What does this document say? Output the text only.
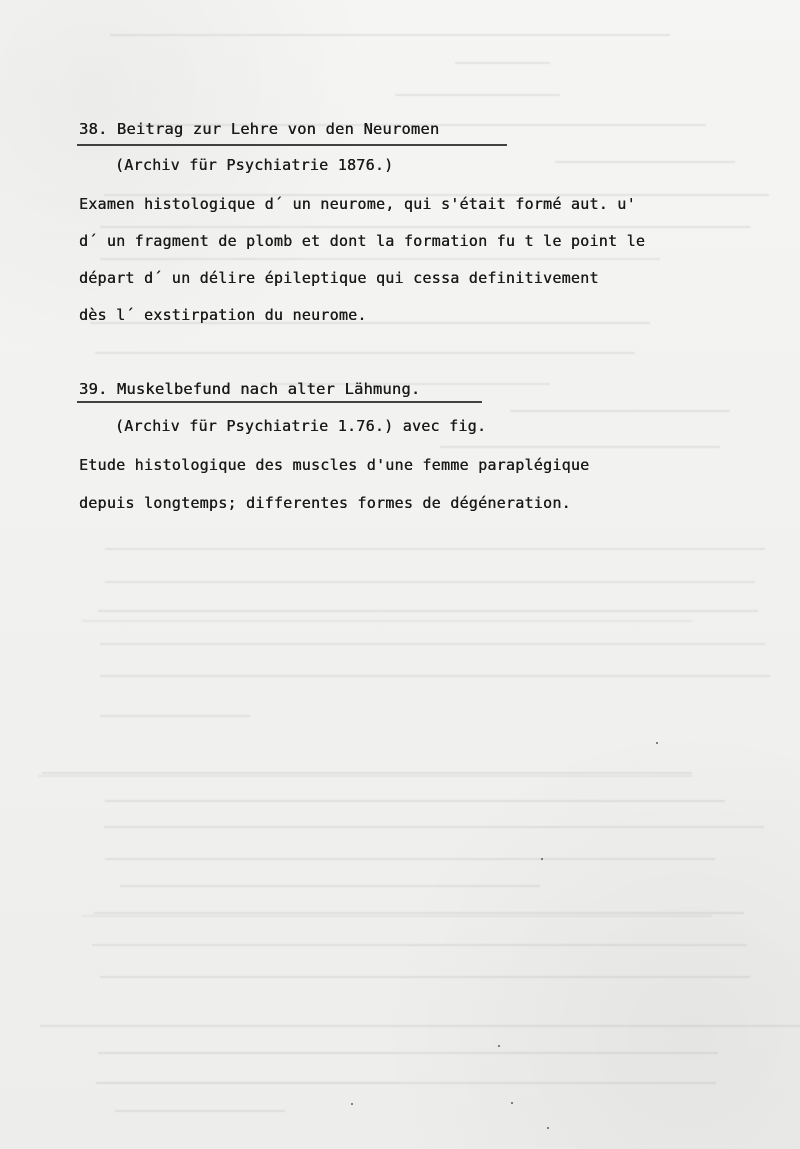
38. Beitrag zur Lehre von den Neuromen
(Archiv für Psychiatrie 1876.)
Examen histologique d´ un neurome, qui s'était formé aut. u'
d´ un fragment de plomb et dont la formation fu t le point le
départ d´ un délire épileptique qui cessa definitivement
dès l´ exstirpation du neurome.
39. Muskelbefund nach alter Lähmung.
(Archiv für Psychiatrie 1.76.) avec fig.
Etude histologique des muscles d'une femme paraplégique
depuis longtemps; differentes formes de dégéneration.
